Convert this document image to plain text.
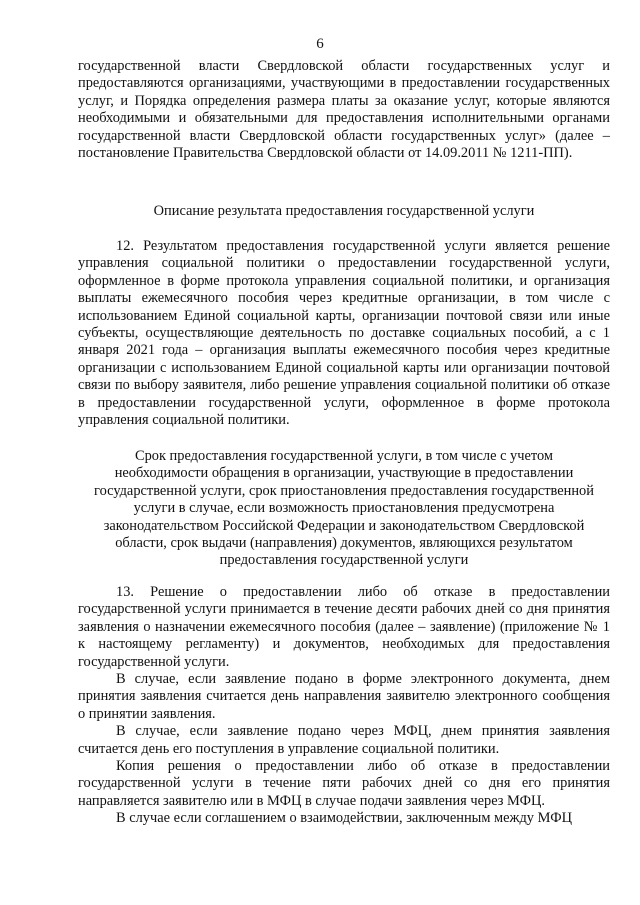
6

государственной власти Свердловской области государственных услуг и предоставляются организациями, участвующими в предоставлении государственных услуг, и Порядка определения размера платы за оказание услуг, которые являются необходимыми и обязательными для предоставления исполнительными органами государственной власти Свердловской области государственных услуг» (далее – постановление Правительства Свердловской области от 14.09.2011 № 1211-ПП).

Описание результата предоставления государственной услуги

12. Результатом предоставления государственной услуги является решение управления социальной политики о предоставлении государственной услуги, оформленное в форме протокола управления социальной политики, и организация выплаты ежемесячного пособия через кредитные организации, в том числе с использованием Единой социальной карты, организации почтовой связи или иные субъекты, осуществляющие деятельность по доставке социальных пособий, а с 1 января 2021 года – организация выплаты ежемесячного пособия через кредитные организации с использованием Единой социальной карты или организации почтовой связи по выбору заявителя, либо решение управления социальной политики об отказе в предоставлении государственной услуги, оформленное в форме протокола управления социальной политики.

Срок предоставления государственной услуги, в том числе с учетом
необходимости обращения в организации, участвующие в предоставлении
государственной услуги, срок приостановления предоставления государственной
услуги в случае, если возможность приостановления предусмотрена
законодательством Российской Федерации и законодательством Свердловской
области, срок выдачи (направления) документов, являющихся результатом
предоставления государственной услуги

13. Решение о предоставлении либо об отказе в предоставлении государственной услуги принимается в течение десяти рабочих дней со дня принятия заявления о назначении ежемесячного пособия (далее – заявление) (приложение № 1 к настоящему регламенту) и документов, необходимых для предоставления государственной услуги.

В случае, если заявление подано в форме электронного документа, днем принятия заявления считается день направления заявителю электронного сообщения о принятии заявления.

В случае, если заявление подано через МФЦ, днем принятия заявления считается день его поступления в управление социальной политики.

Копия решения о предоставлении либо об отказе в предоставлении государственной услуги в течение пяти рабочих дней со дня его принятия направляется заявителю или в МФЦ в случае подачи заявления через МФЦ.

В случае если соглашением о взаимодействии, заключенным между МФЦ
